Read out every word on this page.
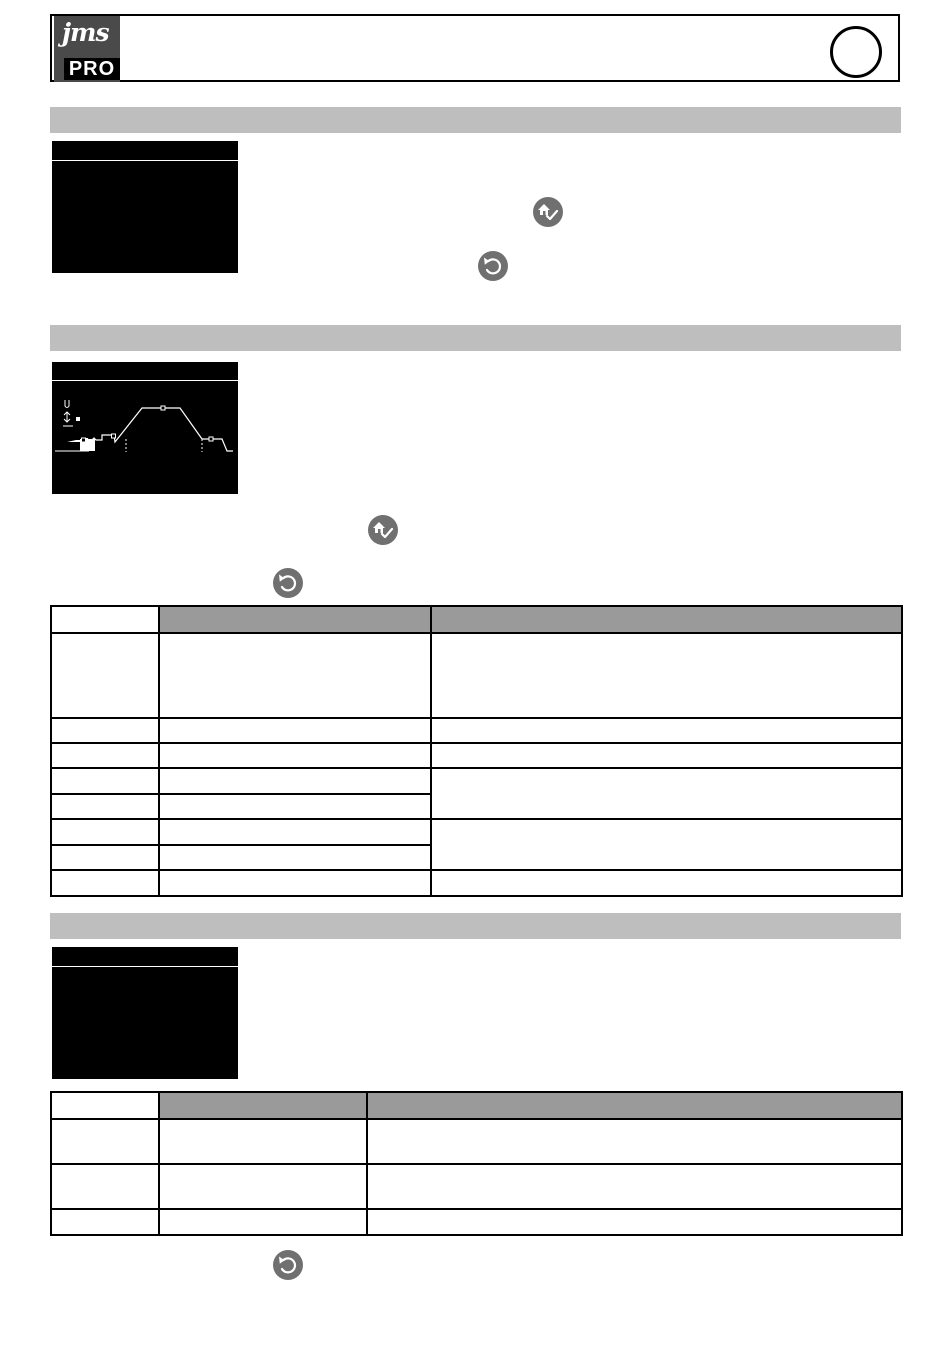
jms
PRO
